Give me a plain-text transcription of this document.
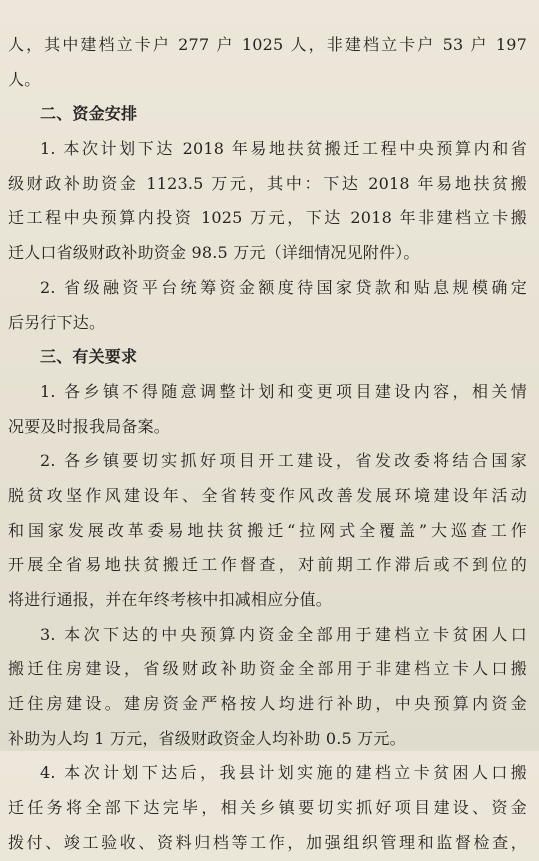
人，其中建档立卡户 277 户 1025 人，非建档立卡户 53 户 197
人。
二、资金安排
1. 本次计划下达 2018 年易地扶贫搬迁工程中央预算内和省
级财政补助资金 1123.5 万元，其中：下达 2018 年易地扶贫搬
迁工程中央预算内投资 1025 万元，下达 2018 年非建档立卡搬
迁人口省级财政补助资金 98.5 万元（详细情况见附件）。
2. 省级融资平台统筹资金额度待国家贷款和贴息规模确定
后另行下达。
三、有关要求
1. 各乡镇不得随意调整计划和变更项目建设内容，相关情
况要及时报我局备案。
2. 各乡镇要切实抓好项目开工建设，省发改委将结合国家
脱贫攻坚作风建设年、全省转变作风改善发展环境建设年活动
和国家发展改革委易地扶贫搬迁“拉网式全覆盖”大巡查工作
开展全省易地扶贫搬迁工作督查，对前期工作滞后或不到位的
将进行通报，并在年终考核中扣减相应分值。
3. 本次下达的中央预算内资金全部用于建档立卡贫困人口
搬迁住房建设，省级财政补助资金全部用于非建档立卡人口搬
迁住房建设。建房资金严格按人均进行补助，中央预算内资金
补助为人均 1 万元，省级财政资金人均补助 0.5 万元。
4. 本次计划下达后，我县计划实施的建档立卡贫困人口搬
迁任务将全部下达完毕，相关乡镇要切实抓好项目建设、资金
拨付、竣工验收、资料归档等工作，加强组织管理和监督检查，
